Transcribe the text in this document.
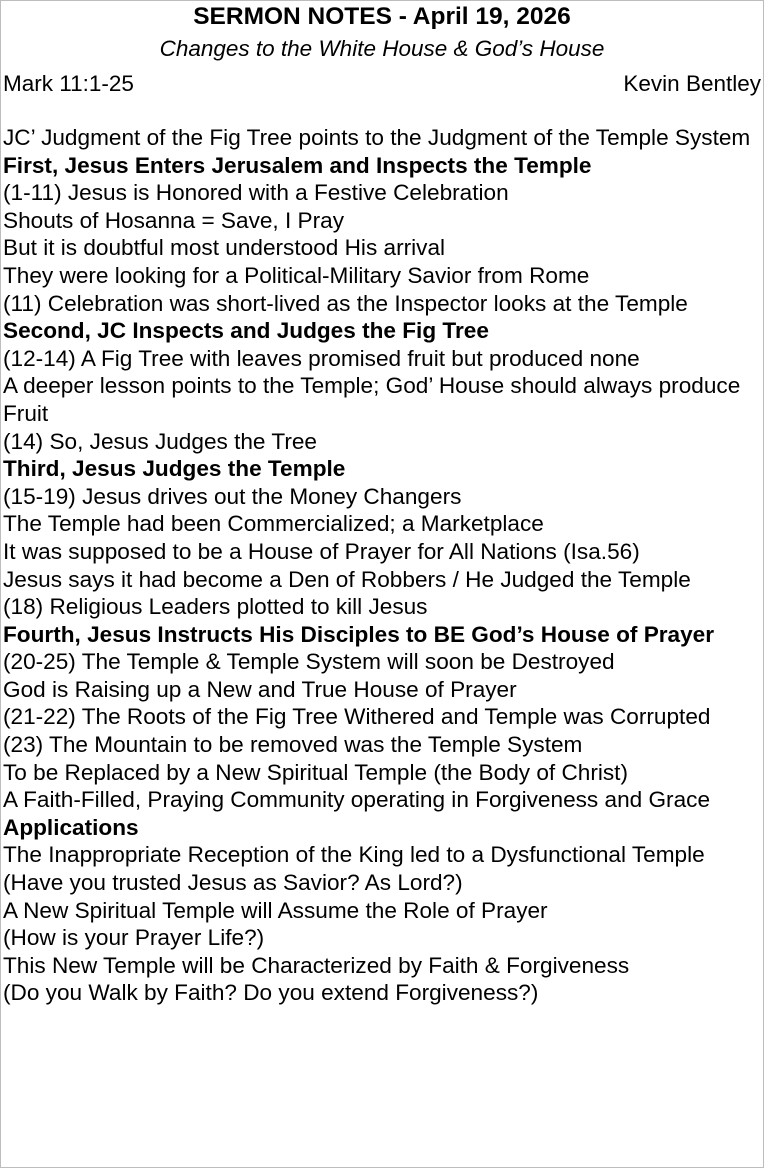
SERMON NOTES - April 19, 2026
Changes to the White House & God’s House
Mark 11:1-25	Kevin Bentley
JC’ Judgment of the Fig Tree points to the Judgment of the Temple System
First, Jesus Enters Jerusalem and Inspects the Temple
(1-11) Jesus is Honored with a Festive Celebration
Shouts of Hosanna = Save, I Pray
But it is doubtful most understood His arrival
They were looking for a Political-Military Savior from Rome
(11) Celebration was short-lived as the Inspector looks at the Temple
Second, JC Inspects and Judges the Fig Tree
(12-14) A Fig Tree with leaves promised fruit but produced none
A deeper lesson points to the Temple; God’ House should always produce Fruit
(14) So, Jesus Judges the Tree
Third, Jesus Judges the Temple
(15-19) Jesus drives out the Money Changers
The Temple had been Commercialized; a Marketplace
It was supposed to be a House of Prayer for All Nations (Isa.56)
Jesus says it had become a Den of Robbers / He Judged the Temple
(18) Religious Leaders plotted to kill Jesus
Fourth, Jesus Instructs His Disciples to BE God’s House of Prayer
(20-25) The Temple & Temple System will soon be Destroyed
God is Raising up a New and True House of Prayer
(21-22) The Roots of the Fig Tree Withered and Temple was Corrupted
(23) The Mountain to be removed was the Temple System
To be Replaced by a New Spiritual Temple (the Body of Christ)
A Faith-Filled, Praying Community operating in Forgiveness and Grace
Applications
The Inappropriate Reception of the King led to a Dysfunctional Temple
(Have you trusted Jesus as Savior? As Lord?)
A New Spiritual Temple will Assume the Role of Prayer
(How is your Prayer Life?)
This New Temple will be Characterized by Faith & Forgiveness
(Do you Walk by Faith? Do you extend Forgiveness?)
